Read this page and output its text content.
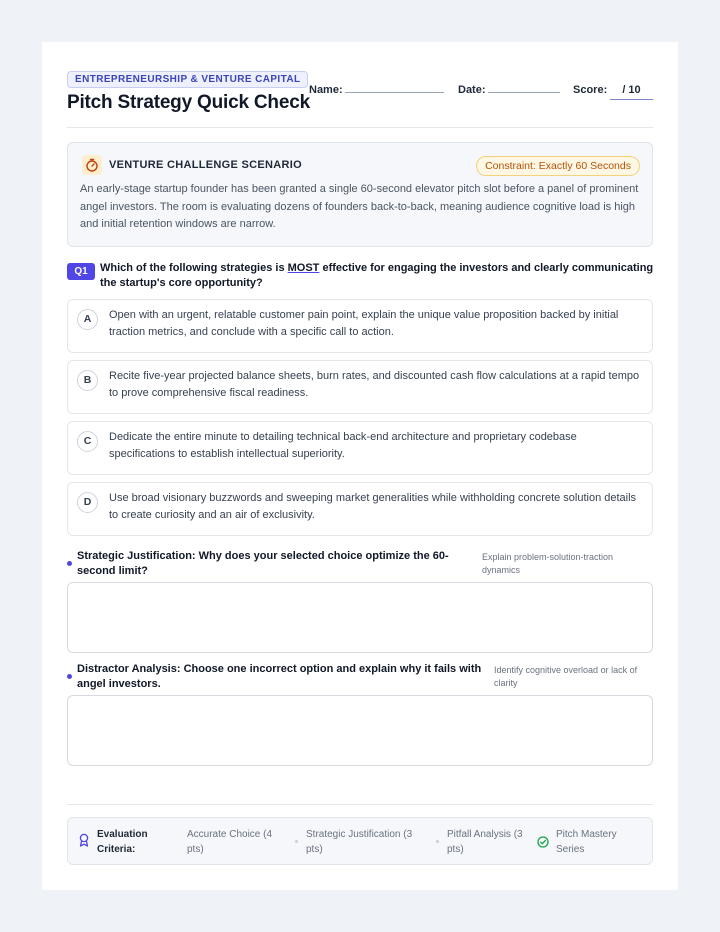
ENTREPRENEURSHIP & VENTURE CAPITAL
Pitch Strategy Quick Check
Name:	Date:	Score:	/ 10
VENTURE CHALLENGE SCENARIO	Constraint: Exactly 60 Seconds
An early-stage startup founder has been granted a single 60-second elevator pitch slot before a panel of prominent angel investors. The room is evaluating dozens of founders back-to-back, meaning audience cognitive load is high and initial retention windows are narrow.
Q1	Which of the following strategies is MOST effective for engaging the investors and clearly communicating the startup's core opportunity?
A	Open with an urgent, relatable customer pain point, explain the unique value proposition backed by initial traction metrics, and conclude with a specific call to action.
B	Recite five-year projected balance sheets, burn rates, and discounted cash flow calculations at a rapid tempo to prove comprehensive fiscal readiness.
C	Dedicate the entire minute to detailing technical back-end architecture and proprietary codebase specifications to establish intellectual superiority.
D	Use broad visionary buzzwords and sweeping market generalities while withholding concrete solution details to create curiosity and an air of exclusivity.
Strategic Justification: Why does your selected choice optimize the 60-second limit?
Explain problem-solution-traction dynamics
Distractor Analysis: Choose one incorrect option and explain why it fails with angel investors.
Identify cognitive overload or lack of clarity
Evaluation Criteria:
Accurate Choice (4 pts)
Strategic Justification (3 pts)
Pitfall Analysis (3 pts)
Pitch Mastery Series
